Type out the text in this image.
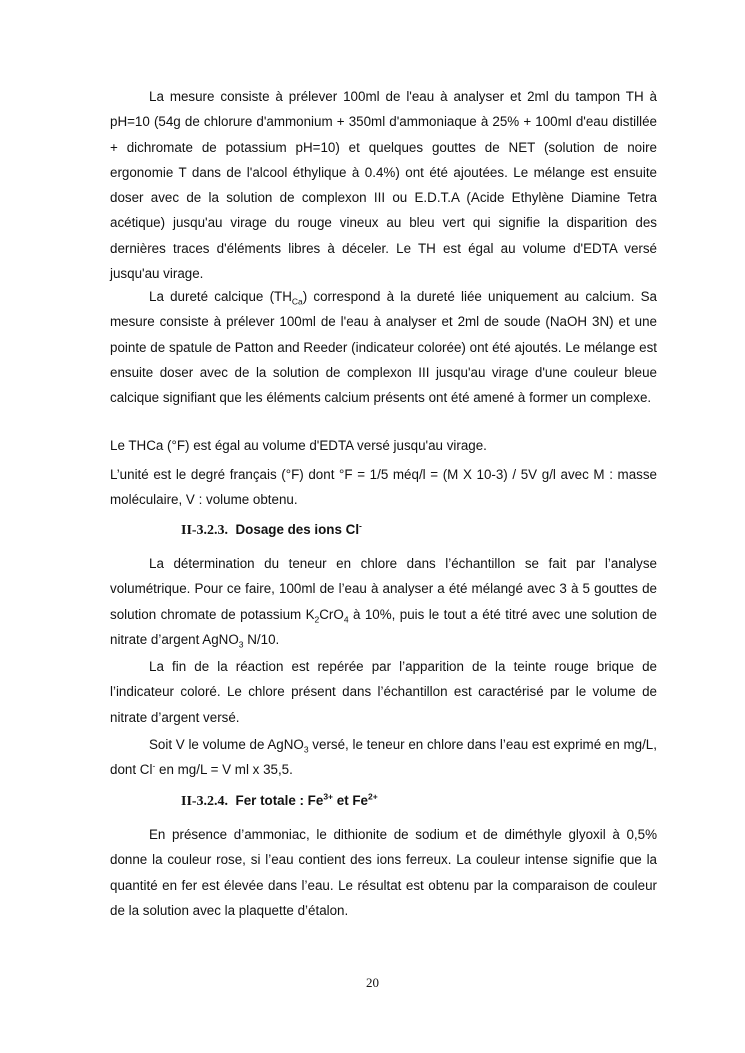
La mesure consiste à prélever 100ml de l'eau à analyser et 2ml du tampon TH à pH=10 (54g de chlorure d'ammonium + 350ml d'ammoniaque à 25% + 100ml d'eau distillée + dichromate de potassium pH=10) et quelques gouttes de NET (solution de noire ergonomie T dans de l'alcool éthylique à 0.4%) ont été ajoutées. Le mélange est ensuite doser avec de la solution de complexon III ou E.D.T.A (Acide Ethylène Diamine Tetra acétique) jusqu'au virage du rouge vineux au bleu vert qui signifie la disparition des dernières traces d'éléments libres à déceler. Le TH est égal au volume d'EDTA versé jusqu'au virage.

La dureté calcique $(TH_{Ca})$ correspond à la dureté liée uniquement au calcium. Sa mesure consiste à prélever 100ml de l'eau à analyser et 2ml de soude (NaOH 3N) et une pointe de spatule de Patton and Reeder (indicateur colorée) ont été ajoutés. Le mélange est ensuite doser avec de la solution de complexon III jusqu'au virage d'une couleur bleue calcique signifiant que les éléments calcium présents ont été amené à former un complexe.

Le THCa (°F) est égal au volume d'EDTA versé jusqu'au virage.

L’unité est le degré français (°F) dont °F = 1/5 méq/l = (M X 10-3) / 5V g/l avec M : masse moléculaire, V : volume obtenu.

II-3.2.3. Dosage des ions Cl-

La détermination du teneur en chlore dans l’échantillon se fait par l’analyse volumétrique. Pour ce faire, 100ml de l’eau à analyser a été mélangé avec 3 à 5 gouttes de solution chromate de potassium $K_2CrO_4$ à 10%, puis le tout a été titré avec une solution de nitrate d’argent AgNO$_3$ N/10.

La fin de la réaction est repérée par l’apparition de la teinte rouge brique de l’indicateur coloré. Le chlore présent dans l’échantillon est caractérisé par le volume de nitrate d’argent versé.

Soit V le volume de AgNO$_3$ versé, le teneur en chlore dans l’eau est exprimé en mg/L, dont Cl- en mg/L = V ml x 35,5.

II-3.2.4. Fer totale : $Fe^{3+}$ et $Fe^{2+}$

En présence d’ammoniac, le dithionite de sodium et de diméthyle glyoxil à 0,5% donne la couleur rose, si l’eau contient des ions ferreux. La couleur intense signifie que la quantité en fer est élevée dans l’eau. Le résultat est obtenu par la comparaison de couleur de la solution avec la plaquette d’étalon.

20
